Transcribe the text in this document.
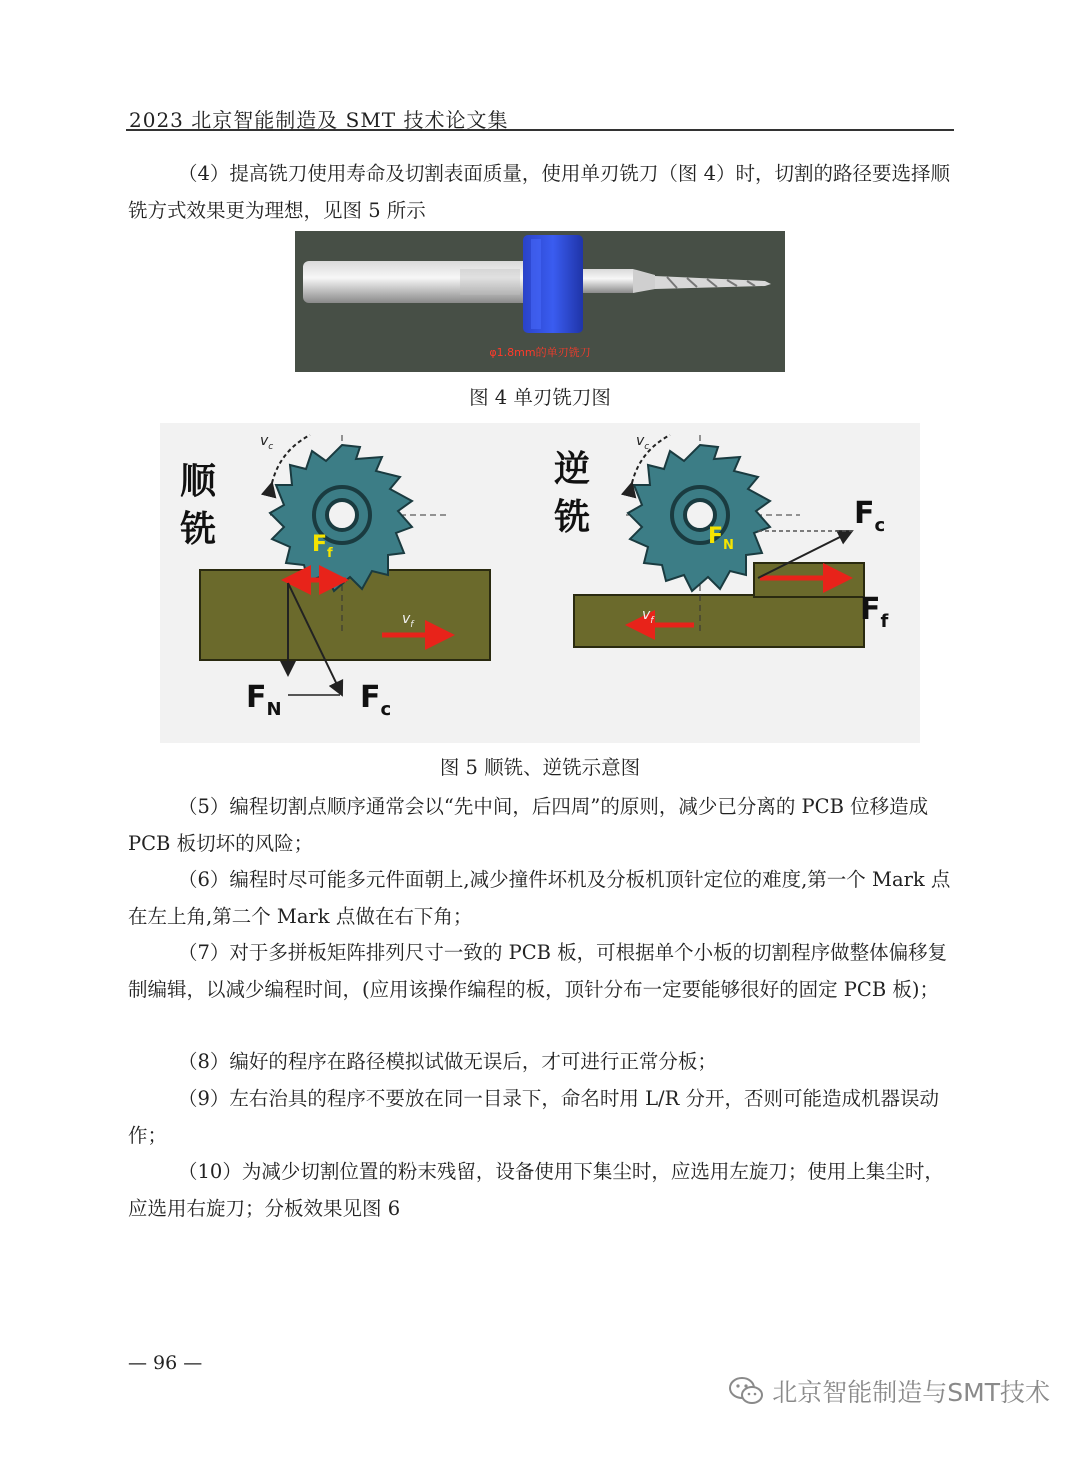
2023 北京智能制造及 SMT 技术论文集

（4）提高铣刀使用寿命及切割表面质量，使用单刃铣刀（图 4）时，切割的路径要选择顺铣方式效果更为理想，见图 5 所示

φ1.8mm的单刃铣刀
图 4 单刃铣刀图
顺
铣
$v_c$
$F_f$
$v_f$
$F_N$	$F_c$
逆
铣
$v_c$
$F_N$
$F_c$
$F_f$
$v_f$
图 5 顺铣、逆铣示意图

（5）编程切割点顺序通常会以“先中间，后四周”的原则，减少已分离的 PCB 位移造成 PCB 板切坏的风险；

（6）编程时尽可能多元件面朝上,减少撞件坏机及分板机顶针定位的难度,第一个 Mark 点在左上角,第二个 Mark 点做在右下角；

（7）对于多拼板矩阵排列尺寸一致的 PCB 板，可根据单个小板的切割程序做整体偏移复制编辑，以减少编程时间，(应用该操作编程的板，顶针分布一定要能够很好的固定 PCB 板)；

（8）编好的程序在路径模拟试做无误后，才可进行正常分板；

（9）左右治具的程序不要放在同一目录下，命名时用 L/R 分开，否则可能造成机器误动作；

（10）为减少切割位置的粉末残留，设备使用下集尘时，应选用左旋刀；使用上集尘时，应选用右旋刀；分板效果见图 6

— 96 —
北京智能制造与SMT技术
